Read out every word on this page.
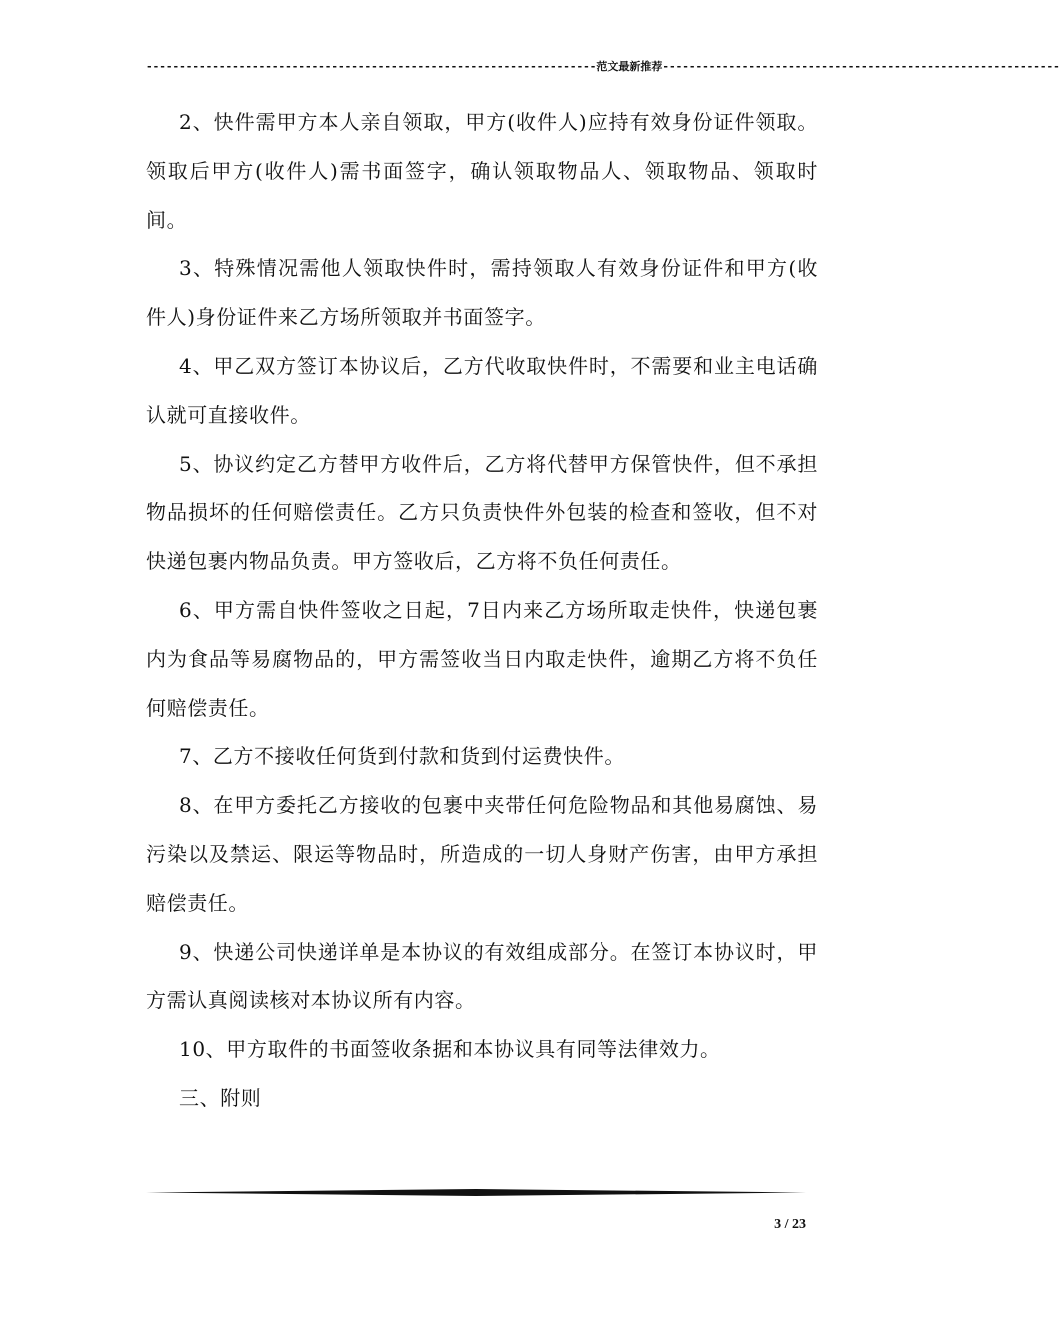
--------------------------------------------------------------------范文最新推荐------------------------------------------------------------

2、快件需甲方本人亲自领取，甲方(收件人)应持有效身份证件领取。领取后甲方(收件人)需书面签字，确认领取物品人、领取物品、领取时间。

3、特殊情况需他人领取快件时，需持领取人有效身份证件和甲方(收件人)身份证件来乙方场所领取并书面签字。

4、甲乙双方签订本协议后，乙方代收取快件时，不需要和业主电话确认就可直接收件。

5、协议约定乙方替甲方收件后，乙方将代替甲方保管快件，但不承担物品损坏的任何赔偿责任。乙方只负责快件外包装的检查和签收，但不对快递包裹内物品负责。甲方签收后，乙方将不负任何责任。

6、甲方需自快件签收之日起，7日内来乙方场所取走快件，快递包裹内为食品等易腐物品的，甲方需签收当日内取走快件，逾期乙方将不负任何赔偿责任。

7、乙方不接收任何货到付款和货到付运费快件。

8、在甲方委托乙方接收的包裹中夹带任何危险物品和其他易腐蚀、易污染以及禁运、限运等物品时，所造成的一切人身财产伤害，由甲方承担赔偿责任。

9、快递公司快递详单是本协议的有效组成部分。在签订本协议时，甲方需认真阅读核对本协议所有内容。

10、甲方取件的书面签收条据和本协议具有同等法律效力。

三、附则

3 / 23
